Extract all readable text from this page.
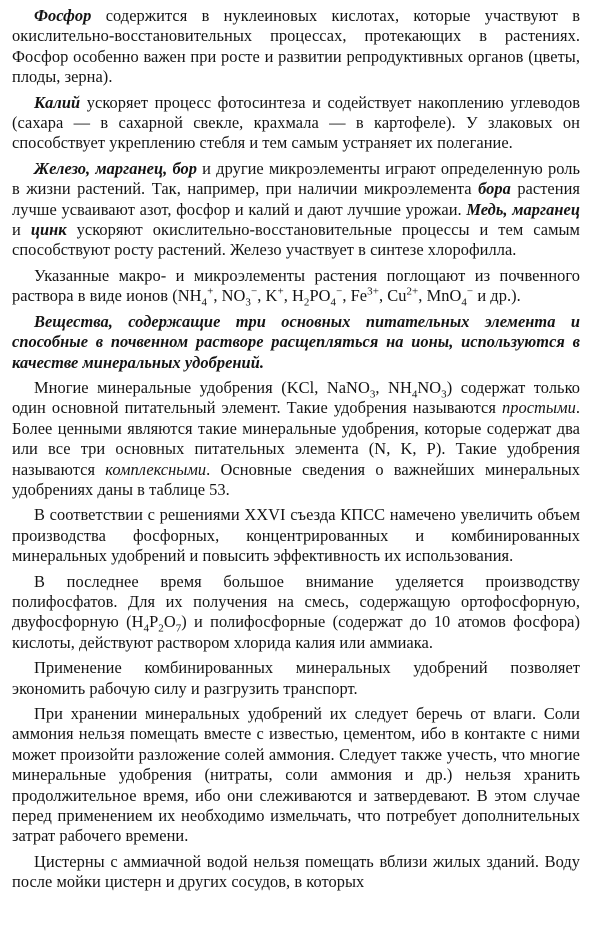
Фосфор содержится в нуклеиновых кислотах, которые участвуют в окислительно-восстановительных процессах, протекающих в растениях. Фосфор особенно важен при росте и развитии репродуктивных органов (цветы, плоды, зерна).

Калий ускоряет процесс фотосинтеза и содействует накоплению углеводов (сахара — в сахарной свекле, крахмала — в картофеле). У злаковых он способствует укреплению стебля и тем самым устраняет их полегание.

Железо, марганец, бор и другие микроэлементы играют определенную роль в жизни растений. Так, например, при наличии микроэлемента бора растения лучше усваивают азот, фосфор и калий и дают лучшие урожаи. Медь, марганец и цинк ускоряют окислительно-восстановительные процессы и тем самым способствуют росту растений. Железо участвует в синтезе хлорофилла.

Указанные макро- и микроэлементы растения поглощают из почвенного раствора в виде ионов ($NH_4^+$, $NO_3^-$, K+, $H_2PO_4^-$, $Fe^{3+}$, $Cu^{2+}$, MnO$_4$− и др.).

Вещества, содержащие три основных питательных элемента и способные в почвенном растворе расщепляться на ионы, используются в качестве минеральных удобрений.

Многие минеральные удобрения (KCl, NaNO$_3$, $NH_4NO_3$) содержат только один основной питательный элемент. Такие удобрения называются простыми. Более ценными являются такие минеральные удобрения, которые содержат два или все три основных питательных элемента (N, K, P). Такие удобрения называются комплексными. Основные сведения о важнейших минеральных удобрениях даны в таблице 53.

В соответствии с решениями XXVI съезда КПСС намечено увеличить объем производства фосфорных, концентрированных и комбинированных минеральных удобрений и повысить эффективность их использования.

В последнее время большое внимание уделяется производству полифосфатов. Для их получения на смесь, содержащую ортофосфорную, двуфосфорную $(H_4P_2O_7)$ и полифосфорные (содержат до 10 атомов фосфора) кислоты, действуют раствором хлорида калия или аммиака.

Применение комбинированных минеральных удобрений позволяет экономить рабочую силу и разгрузить транспорт.

При хранении минеральных удобрений их следует беречь от влаги. Соли аммония нельзя помещать вместе с известью, цементом, ибо в контакте с ними может произойти разложение солей аммония. Следует также учесть, что многие минеральные удобрения (нитраты, соли аммония и др.) нельзя хранить продолжительное время, ибо они слеживаются и затвердевают. В этом случае перед применением их необходимо измельчать, что потребует дополнительных затрат рабочего времени.

Цистерны с аммиачной водой нельзя помещать вблизи жилых зданий. Воду после мойки цистерн и других сосудов, в которых
